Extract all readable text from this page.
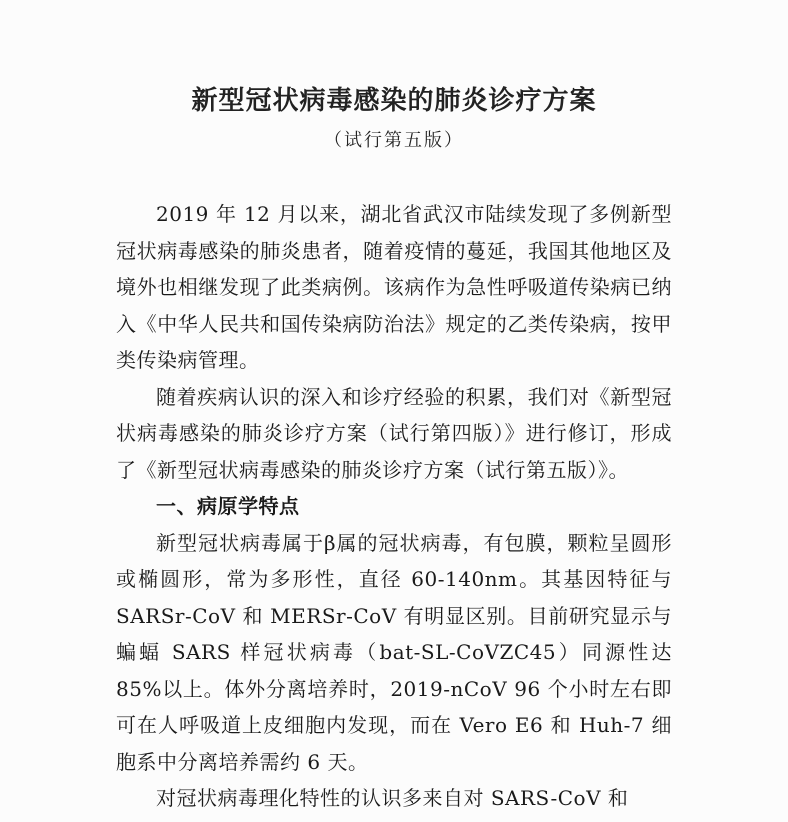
新型冠状病毒感染的肺炎诊疗方案
（试行第五版）

2019 年 12 月以来，湖北省武汉市陆续发现了多例新型冠状病毒感染的肺炎患者，随着疫情的蔓延，我国其他地区及境外也相继发现了此类病例。该病作为急性呼吸道传染病已纳入《中华人民共和国传染病防治法》规定的乙类传染病，按甲类传染病管理。

随着疾病认识的深入和诊疗经验的积累，我们对《新型冠状病毒感染的肺炎诊疗方案（试行第四版）》进行修订，形成了《新型冠状病毒感染的肺炎诊疗方案（试行第五版）》。

一、病原学特点

新型冠状病毒属于β属的冠状病毒，有包膜，颗粒呈圆形或椭圆形，常为多形性，直径 60-140nm。其基因特征与 SARSr-CoV 和 MERSr-CoV 有明显区别。目前研究显示与蝙蝠 SARS 样冠状病毒（bat-SL-CoVZC45）同源性达 85%以上。体外分离培养时，2019-nCoV 96 个小时左右即可在人呼吸道上皮细胞内发现，而在 Vero E6 和 Huh-7 细胞系中分离培养需约 6 天。

对冠状病毒理化特性的认识多来自对 SARS-CoV 和
